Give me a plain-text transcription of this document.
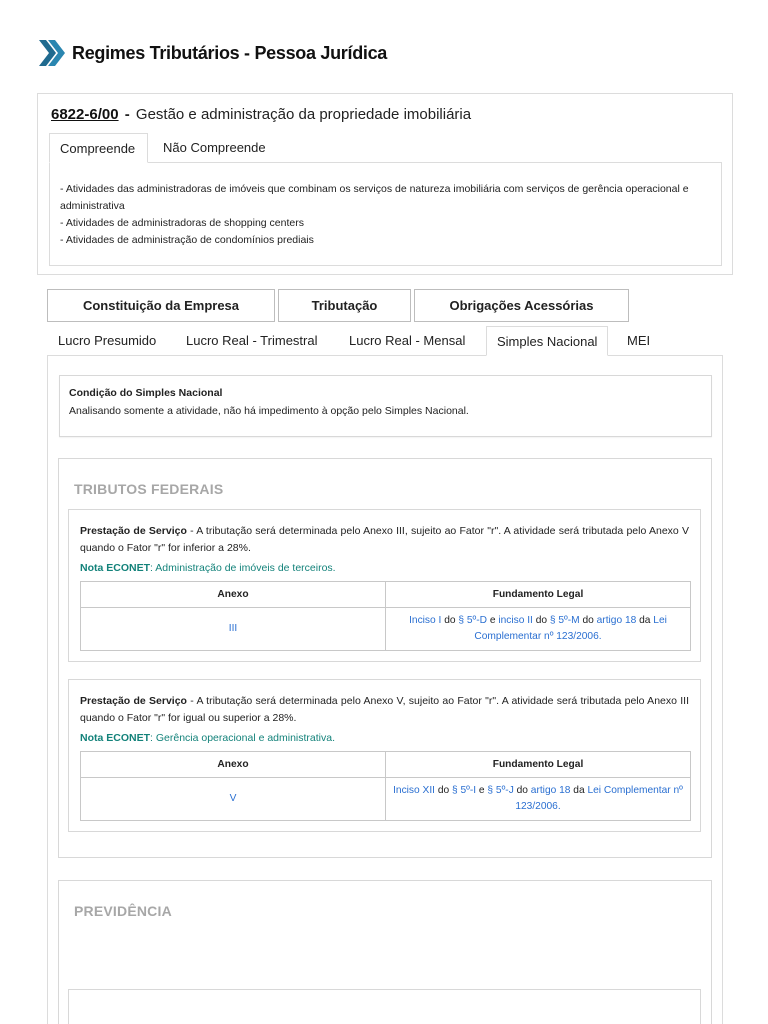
Regimes Tributários - Pessoa Jurídica
6822-6/00 - Gestão e administração da propriedade imobiliária
Compreende	Não Compreende
- Atividades das administradoras de imóveis que combinam os serviços de natureza imobiliária com serviços de gerência operacional e administrativa
- Atividades de administradoras de shopping centers
- Atividades de administração de condomínios prediais
Constituição da Empresa	Tributação	Obrigações Acessórias
Lucro Presumido Lucro Real - Trimestral Lucro Real - Mensal	Simples Nacional	MEI
Condição do Simples Nacional
Analisando somente a atividade, não há impedimento à opção pelo Simples Nacional.
TRIBUTOS FEDERAIS
Prestação de Serviço - A tributação será determinada pelo Anexo III, sujeito ao Fator "r". A atividade será tributada pelo Anexo V quando o Fator "r" for inferior a 28%.
Nota ECONET: Administração de imóveis de terceiros.
Anexo	Fundamento Legal
III	Inciso I do § 5º-D e inciso II do § 5º-M do artigo 18 da Lei Complementar nº 123/2006.
Prestação de Serviço - A tributação será determinada pelo Anexo V, sujeito ao Fator "r". A atividade será tributada pelo Anexo III quando o Fator "r" for igual ou superior a 28%.
Nota ECONET: Gerência operacional e administrativa.
Anexo	Fundamento Legal
V	Inciso XII do § 5º-I e § 5º-J do artigo 18 da Lei Complementar nº 123/2006.
PREVIDÊNCIA
